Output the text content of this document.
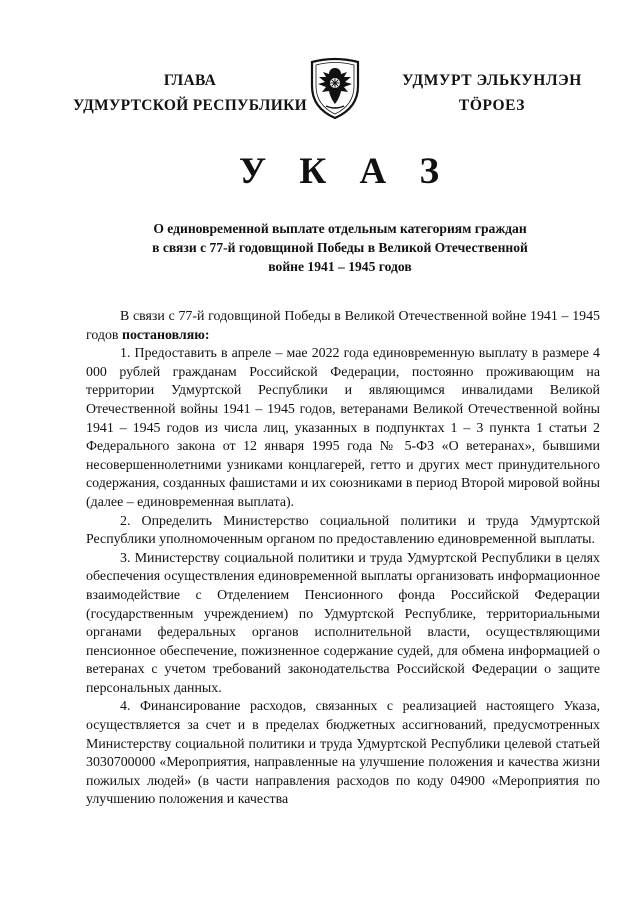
ГЛАВА
УДМУРТСКОЙ РЕСПУБЛИКИ
УДМУРТ ЭЛЬКУНЛЭН
ТӦРОЕЗ
У К А З
О единовременной выплате отдельным категориям граждан
в связи с 77-й годовщиной Победы в Великой Отечественной
войне 1941 – 1945 годов

В связи с 77-й годовщиной Победы в Великой Отечественной войне 1941 – 1945 годов постановляю:

1. Предоставить в апреле – мае 2022 года единовременную выплату в размере 4 000 рублей гражданам Российской Федерации, постоянно проживающим на территории Удмуртской Республики и являющимся инвалидами Великой Отечественной войны 1941 – 1945 годов, ветеранами Великой Отечественной войны 1941 – 1945 годов из числа лиц, указанных в подпунктах 1 – 3 пункта 1 статьи 2 Федерального закона от 12 января 1995 года № 5-ФЗ «О ветеранах», бывшими несовершеннолетними узниками концлагерей, гетто и других мест принудительного содержания, созданных фашистами и их союзниками в период Второй мировой войны (далее – единовременная выплата).

2. Определить Министерство социальной политики и труда Удмуртской Республики уполномоченным органом по предоставлению единовременной выплаты.

3. Министерству социальной политики и труда Удмуртской Республики в целях обеспечения осуществления единовременной выплаты организовать информационное взаимодействие с Отделением Пенсионного фонда Российской Федерации (государственным учреждением) по Удмуртской Республике, территориальными органами федеральных органов исполнительной власти, осуществляющими пенсионное обеспечение, пожизненное содержание судей, для обмена информацией о ветеранах с учетом требований законодательства Российской Федерации о защите персональных данных.

4. Финансирование расходов, связанных с реализацией настоящего Указа, осуществляется за счет и в пределах бюджетных ассигнований, предусмотренных Министерству социальной политики и труда Удмуртской Республики целевой статьей 3030700000 «Мероприятия, направленные на улучшение положения и качества жизни пожилых людей» (в части направления расходов по коду 04900 «Мероприятия по улучшению положения и качества
